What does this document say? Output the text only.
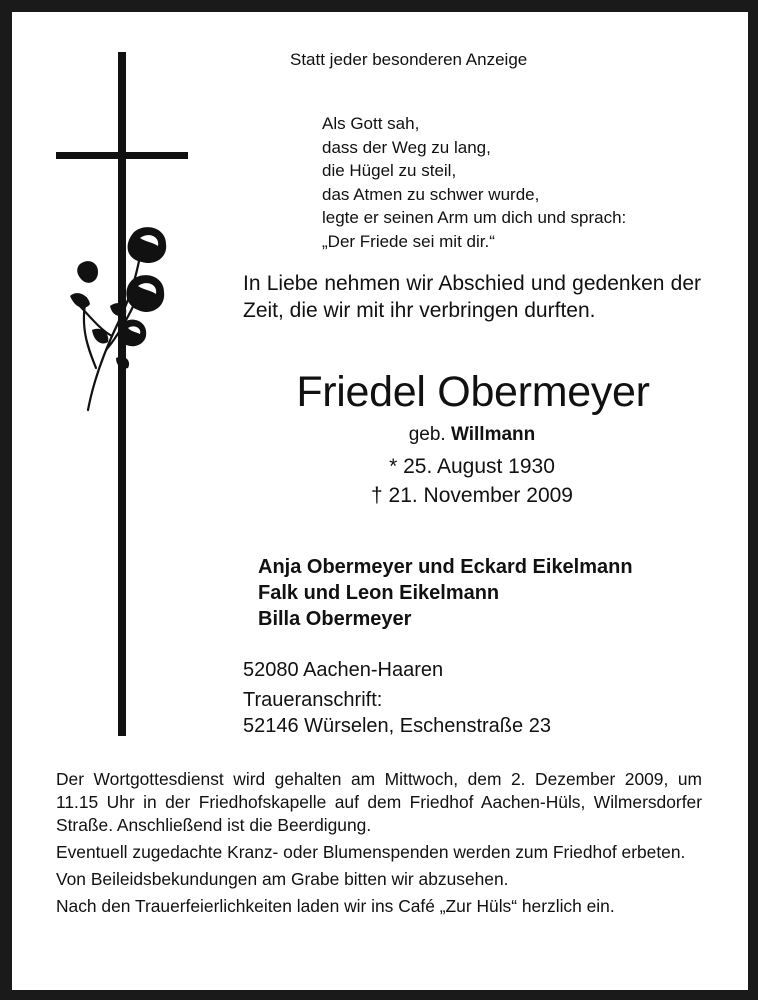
Statt jeder besonderen Anzeige
Als Gott sah,
dass der Weg zu lang,
die Hügel zu steil,
das Atmen zu schwer wurde,
legte er seinen Arm um dich und sprach:
„Der Friede sei mit dir.“
In Liebe nehmen wir Abschied und gedenken der Zeit, die wir mit ihr verbringen durften.
Friedel Obermeyer
geb. Willmann
* 25. August 1930
† 21. November 2009
Anja Obermeyer und Eckard Eikelmann
Falk und Leon Eikelmann
Billa Obermeyer
52080 Aachen-Haaren
Traueranschrift:
52146 Würselen, Eschenstraße 23

Der Wortgottesdienst wird gehalten am Mittwoch, dem 2. Dezember 2009, um 11.15 Uhr in der Friedhofskapelle auf dem Friedhof Aachen-Hüls, Wilmersdorfer Straße. Anschließend ist die Beerdigung.

Eventuell zugedachte Kranz- oder Blumenspenden werden zum Friedhof erbeten.

Von Beileidsbekundungen am Grabe bitten wir abzusehen.

Nach den Trauerfeierlichkeiten laden wir ins Café „Zur Hüls“ herzlich ein.
